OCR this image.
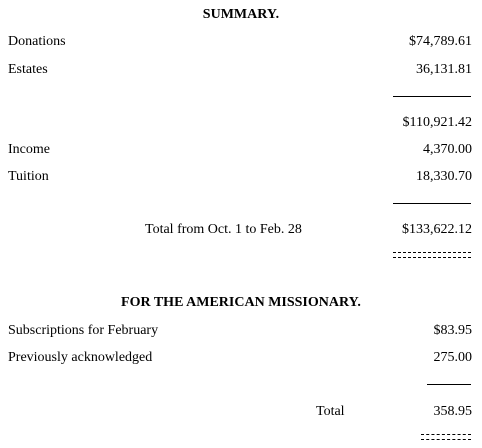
SUMMARY.
Donations	$74,789.61
Estates	36,131.81
$110,921.42
Income	4,370.00
Tuition	18,330.70
Total from Oct. 1 to Feb. 28	$133,622.12
FOR THE AMERICAN MISSIONARY.
Subscriptions for February	$83.95
Previously acknowledged	275.00
Total	358.95
